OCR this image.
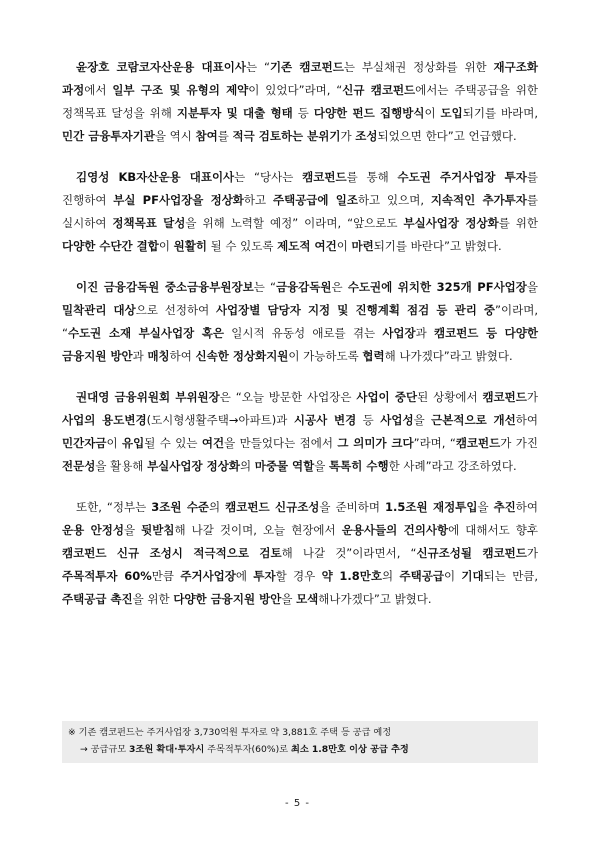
윤장호 코람코자산운용 대표이사는 “기존 캠코펀드는 부실채권 정상화를 위한 재구조화 과정에서 일부 구조 및 유형의 제약이 있었다”라며, “신규 캠코펀드에서는 주택공급을 위한 정책목표 달성을 위해 지분투자 및 대출 형태 등 다양한 펀드 집행방식이 도입되기를 바라며, 민간 금융투자기관을 역시 참여를 적극 검토하는 분위기가 조성되었으면 한다”고 언급했다.

김영성 KB자산운용 대표이사는 “당사는 캠코펀드를 통해 수도권 주거사업장 투자를 진행하여 부실 PF사업장을 정상화하고 주택공급에 일조하고 있으며, 지속적인 추가투자를 실시하여 정책목표 달성을 위해 노력할 예정” 이라며, “앞으로도 부실사업장 정상화를 위한 다양한 수단간 결합이 원활히 될 수 있도록 제도적 여건이 마련되기를 바란다”고 밝혔다.

이진 금융감독원 중소금융부원장보는 “금융감독원은 수도권에 위치한 325개 PF사업장을 밀착관리 대상으로 선정하여 사업장별 담당자 지정 및 진행계획 점검 등 관리 중”이라며, “수도권 소재 부실사업장 혹은 일시적 유동성 애로를 겪는 사업장과 캠코펀드 등 다양한 금융지원 방안과 매칭하여 신속한 정상화지원이 가능하도록 협력해 나가겠다”라고 밝혔다.

권대영 금융위원회 부위원장은 “오늘 방문한 사업장은 사업이 중단된 상황에서 캠코펀드가 사업의 용도변경(도시형생활주택→아파트)과 시공사 변경 등 사업성을 근본적으로 개선하여 민간자금이 유입될 수 있는 여건을 만들었다는 점에서 그 의미가 크다”라며, “캠코펀드가 가진 전문성을 활용해 부실사업장 정상화의 마중물 역할을 톡톡히 수행한 사례”라고 강조하였다.

또한, “정부는 3조원 수준의 캠코펀드 신규조성을 준비하며 1.5조원 재정투입을 추진하여 운용 안정성을 뒷받침해 나갈 것이며, 오늘 현장에서 운용사들의 건의사항에 대해서도 향후 캠코펀드 신규 조성시 적극적으로 검토해 나갈 것”이라면서, “신규조성될 캠코펀드가 주목적투자 60%만큼 주거사업장에 투자할 경우 약 1.8만호의 주택공급이 기대되는 만큼, 주택공급 촉진을 위한 다양한 금융지원 방안을 모색해나가겠다”고 밝혔다.

※ 기존 캠코펀드는 주거사업장 3,730억원 투자로 약 3,881호 주택 등 공급 예정
→ 공급규모 3조원 확대·투자시 주목적투자(60%)로 최소 1.8만호 이상 공급 추정
- 5 -
